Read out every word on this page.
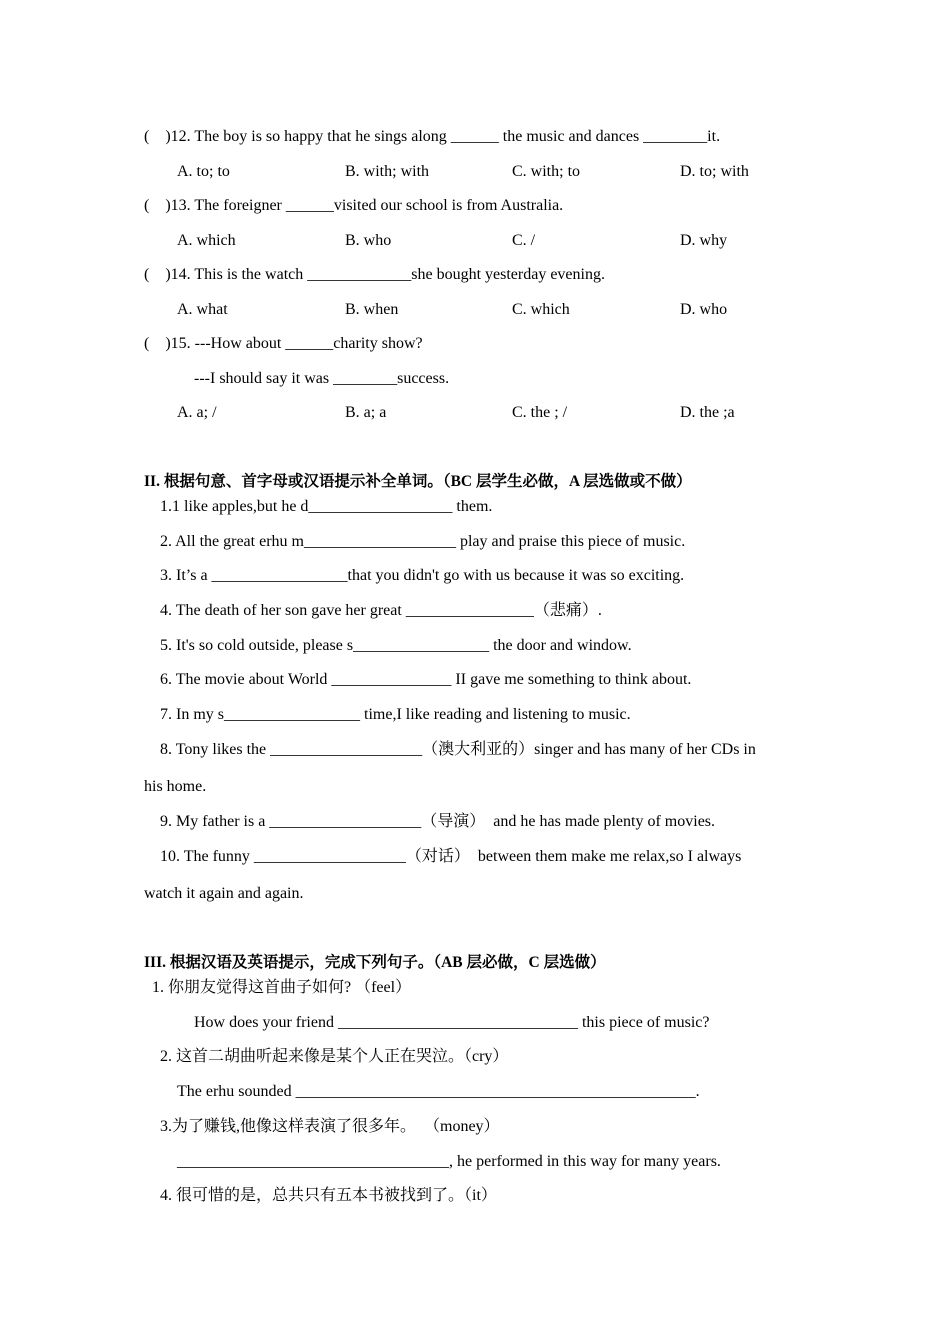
(    )12. The boy is so happy that he sings along ______ the music and dances ________it.
A. to; to	B. with; with	C. with; to	D. to; with
(    )13. The foreigner ______visited our school is from Australia.
A. which	B. who	C. /	D. why
(    )14. This is the watch _____________she bought yesterday evening.
A. what	B. when	C. which	D. who
(    )15. ---How about ______charity show?
---I should say it was ________success.
A. a; /	B. a; a	C. the ; /	D. the ;a
II. 根据句意、首字母或汉语提示补全单词。（BC 层学生必做，A 层选做或不做）
1.1 like apples,but he d__________________ them.
2. All the great erhu m___________________ play and praise this piece of music.
3. It’s a _________________that you didn't go with us because it was so exciting.
4. The death of her son gave her great ________________（悲痛）.
5. It's so cold outside, please s_________________ the door and window.
6. The movie about World _______________ II gave me something to think about.
7. In my s_________________ time,I like reading and listening to music.
8. Tony likes the ___________________（澳大利亚的）singer and has many of her CDs in
his home.
9. My father is a ___________________（导演）  and he has made plenty of movies.
10. The funny ___________________（对话）  between them make me relax,so I always
watch it again and again.
III. 根据汉语及英语提示，完成下列句子。（AB 层必做，C 层选做）
1. 你朋友觉得这首曲子如何? （feel）
How does your friend ______________________________ this piece of music?
2. 这首二胡曲听起来像是某个人正在哭泣。（cry）
The erhu sounded __________________________________________________.
3.为了赚钱,他像这样表演了很多年。  （money）
__________________________________, he performed in this way for many years.
4. 很可惜的是，总共只有五本书被找到了。（it）
